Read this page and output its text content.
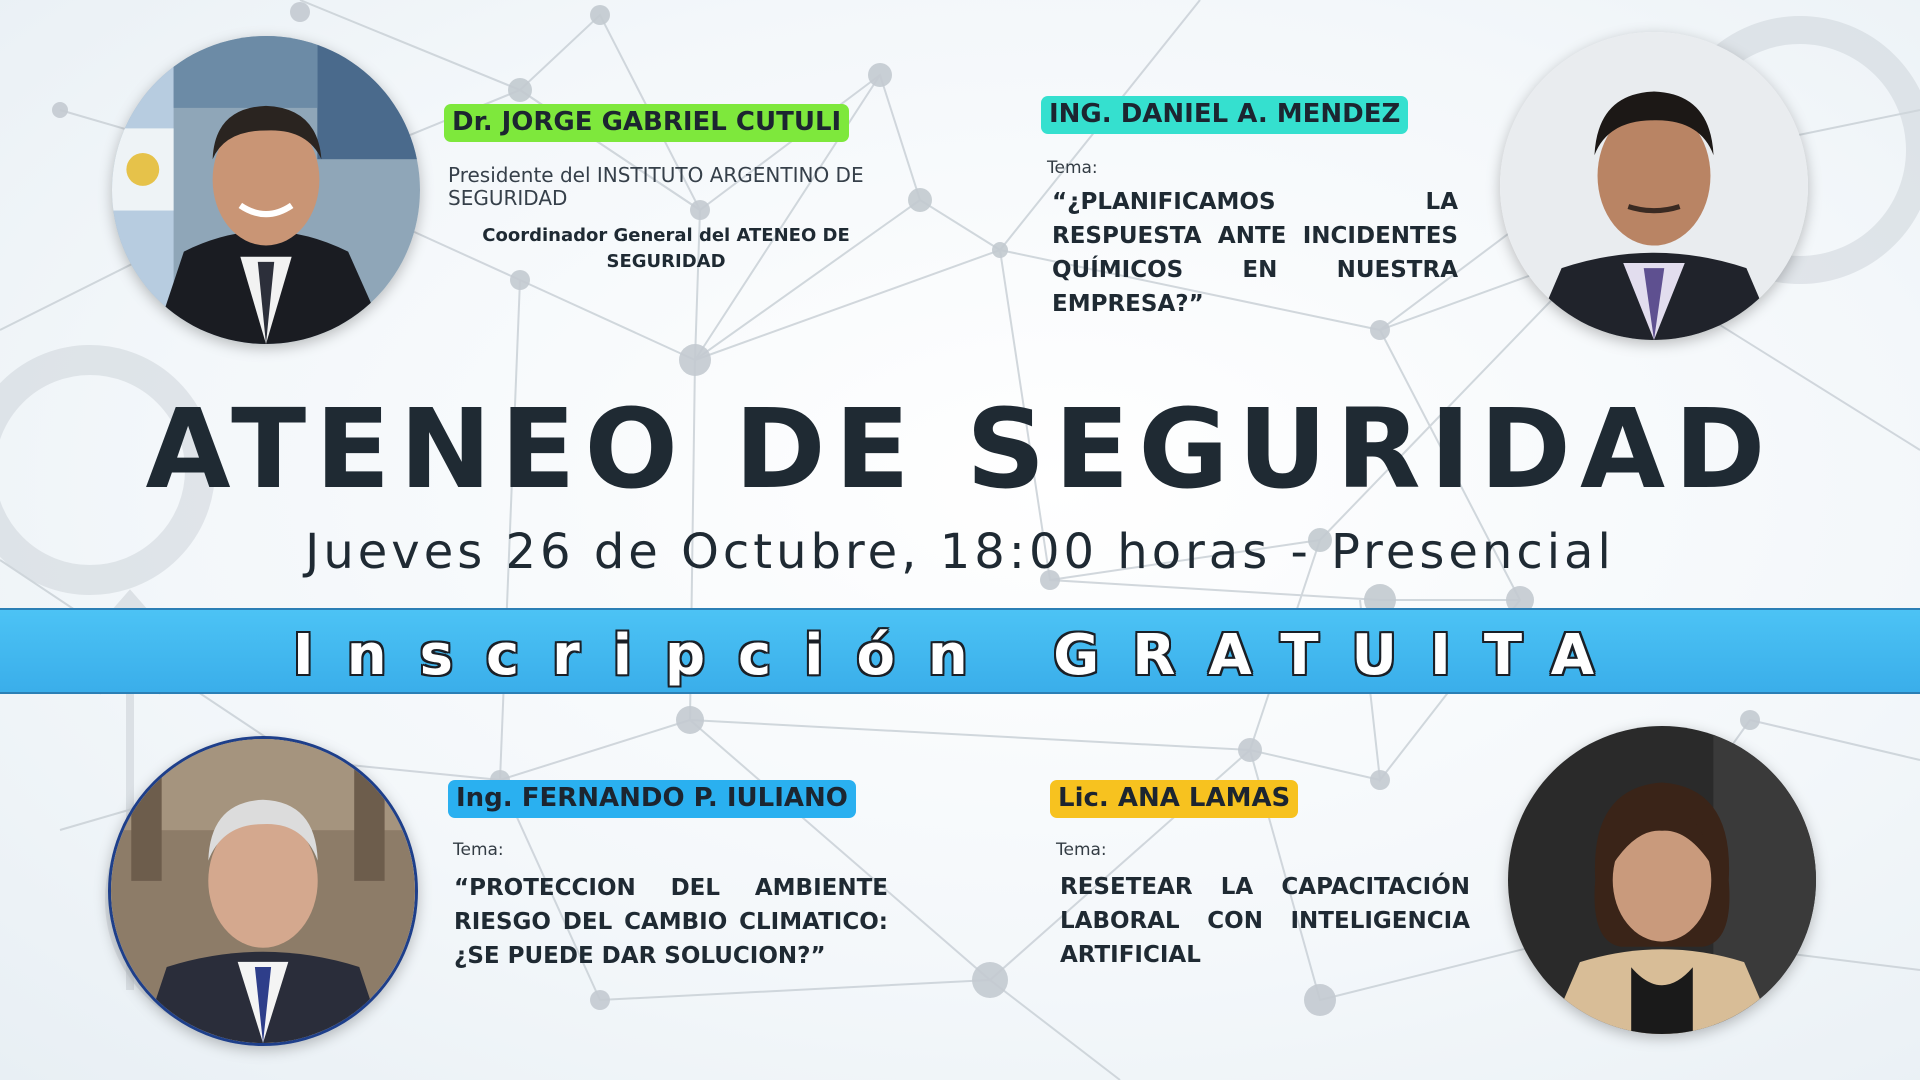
Dr. JORGE GABRIEL CUTULI
Presidente del INSTITUTO ARGENTINO DE SEGURIDAD
Coordinador General del ATENEO DE SEGURIDAD
ING. DANIEL A. MENDEZ
Tema:
“¿PLANIFICAMOS LA RESPUESTA ANTE INCIDENTES QUÍMICOS EN NUESTRA EMPRESA?”
ATENEO DE SEGURIDAD
Jueves 26 de Octubre, 18:00 horas - Presencial
Inscripción GRATUITA
Ing. FERNANDO P. IULIANO
Tema:
“PROTECCION DEL AMBIENTE RIESGO DEL CAMBIO CLIMATICO: ¿SE PUEDE DAR SOLUCION?”
Lic. ANA LAMAS
Tema:
RESETEAR LA CAPACITACIÓN LABORAL CON INTELIGENCIA ARTIFICIAL
